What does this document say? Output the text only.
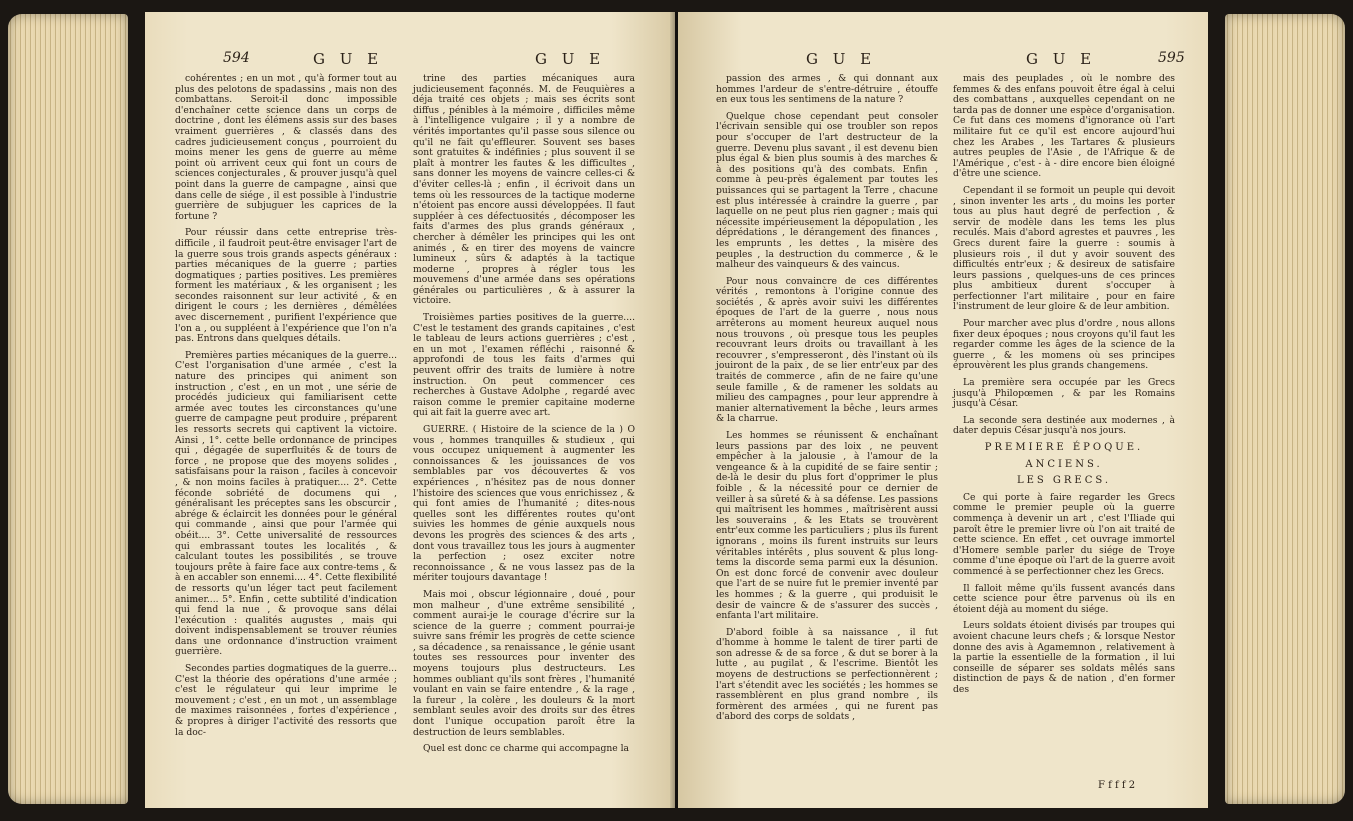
594	G U E	G U E

cohérentes ; en un mot , qu'à former tout au plus des pelotons de spadassins , mais non des combattans. Seroit-il donc impossible d'enchaîner cette science dans un corps de doctrine , dont les élémens assis sur des bases vraiment guerrières , & classés dans des cadres judicieusement conçus , pourroient du moins mener les gens de guerre au même point où arrivent ceux qui font un cours de sciences conjecturales , & prouver jusqu'à quel point dans la guerre de campagne , ainsi que dans celle de siége , il est possible à l'industrie guerrière de subjuguer les caprices de la fortune ?

Pour réussir dans cette entreprise très-difficile , il faudroit peut-être envisager l'art de la guerre sous trois grands aspects généraux : parties mécaniques de la guerre ; parties dogmatiques ; parties positives. Les premières forment les matériaux , & les organisent ; les secondes raisonnent sur leur activité , & en dirigent le cours ; les dernières , démêlées avec discernement , purifient l'expérience que l'on a , ou suppléent à l'expérience que l'on n'a pas. Entrons dans quelques détails.

Premières parties mécaniques de la guerre... C'est l'organisation d'une armée , c'est la nature des principes qui animent son instruction , c'est , en un mot , une série de procédés judicieux qui familiarisent cette armée avec toutes les circonstances qu'une guerre de campagne peut produire , préparent les ressorts secrets qui captivent la victoire. Ainsi , 1°. cette belle ordonnance de principes qui , dégagée de superfluités & de tours de force , ne propose que des moyens solides , satisfaisans pour la raison , faciles à concevoir , & non moins faciles à pratiquer.... 2°. Cette féconde sobriété de documens qui , généralisant les préceptes sans les obscurcir , abrége & éclaircit les données pour le général qui commande , ainsi que pour l'armée qui obéit.... 3°. Cette universalité de ressources qui embrassant toutes les localités , & calculant toutes les possibilités , se trouve toujours prête à faire face aux contre-tems , & à en accabler son ennemi.... 4°. Cette flexibilité de ressorts qu'un léger tact peut facilement animer.... 5°. Enfin , cette subtilité d'indication qui fend la nue , & provoque sans délai l'exécution : qualités augustes , mais qui doivent indispensablement se trouver réunies dans une ordonnance d'instruction vraiment guerrière.

Secondes parties dogmatiques de la guerre... C'est la théorie des opérations d'une armée ; c'est le régulateur qui leur imprime le mouvement ; c'est , en un mot , un assemblage de maximes raisonnées , fortes d'expérience , & propres à diriger l'activité des ressorts que la doc-

trine des parties mécaniques aura judicieusement façonnés. M. de Feuquières a déja traité ces objets ; mais ses écrits sont diffus , pénibles à la mémoire , difficiles même à l'intelligence vulgaire ; il y a nombre de vérités importantes qu'il passe sous silence ou qu'il ne fait qu'effleurer. Souvent ses bases sont gratuites & indéfinies ; plus souvent il se plaît à montrer les fautes & les difficultes , sans donner les moyens de vaincre celles-ci & d'éviter celles-là ; enfin , il écrivoit dans un tems où les ressources de la tactique moderne n'étoient pas encore aussi développées. Il faut suppléer à ces défectuosités , décomposer les faits d'armes des plus grands généraux , chercher à démêler les principes qui les ont animés , & en tirer des moyens de vaincre lumineux , sûrs & adaptés à la tactique moderne , propres à régler tous les mouvemens d'une armée dans ses opérations générales ou particulières , & à assurer la victoire.

Troisièmes parties positives de la guerre.... C'est le testament des grands capitaines , c'est le tableau de leurs actions guerrières ; c'est , en un mot , l'examen réfléchi , raisonné & approfondi de tous les faits d'armes qui peuvent offrir des traits de lumière à notre instruction. On peut commencer ces recherches à Gustave Adolphe , regardé avec raison comme le premier capitaine moderne qui ait fait la guerre avec art.

GUERRE. ( Histoire de la science de la ) O vous , hommes tranquilles & studieux , qui vous occupez uniquement à augmenter les connoissances & les jouissances de vos semblables par vos découvertes & vos expériences , n'hésitez pas de nous donner l'histoire des sciences que vous enrichissez , & qui font amies de l'humanité ; dites-nous quelles sont les différentes routes qu'ont suivies les hommes de génie auxquels nous devons les progrès des sciences & des arts , dont vous travaillez tous les jours à augmenter la perfection ; osez exciter notre reconnoissance , & ne vous lassez pas de la mériter toujours davantage !

Mais moi , obscur légionnaire , doué , pour mon malheur , d'une extrême sensibilité , comment aurai-je le courage d'écrire sur la science de la guerre ; comment pourrai-je suivre sans frémir les progrès de cette science , sa décadence , sa renaissance , le génie usant toutes ses ressources pour inventer des moyens toujours plus destructeurs. Les hommes oubliant qu'ils sont frères , l'humanité voulant en vain se faire entendre , & la rage , la fureur , la colère , les douleurs & la mort semblant seules avoir des droits sur des êtres dont l'unique occupation paroît être la destruction de leurs semblables.

Quel est donc ce charme qui accompagne la

G U E	G U E	595

passion des armes , & qui donnant aux hommes l'ardeur de s'entre-détruire , étouffe en eux tous les sentimens de la nature ?

Quelque chose cependant peut consoler l'écrivain sensible qui ose troubler son repos pour s'occuper de l'art destructeur de la guerre. Devenu plus savant , il est devenu bien plus égal & bien plus soumis à des marches & à des positions qu'à des combats. Enfin , comme à peu-près également par toutes les puissances qui se partagent la Terre , chacune est plus intéressée à craindre la guerre , par laquelle on ne peut plus rien gagner ; mais qui nécessite impérieusement la dépopulation , les déprédations , le dérangement des finances , les emprunts , les dettes , la misère des peuples , la destruction du commerce , & le malheur des vainqueurs & des vaincus.

Pour nous convaincre de ces différentes vérités , remontons à l'origine connue des sociétés , & après avoir suivi les différentes époques de l'art de la guerre , nous nous arrêterons au moment heureux auquel nous nous trouvons , où presque tous les peuples recouvrant leurs droits ou travaillant à les recouvrer , s'empresseront , dès l'instant où ils jouiront de la paix , de se lier entr'eux par des traités de commerce , afin de ne faire qu'une seule famille , & de ramener les soldats au milieu des campagnes , pour leur apprendre à manier alternativement la bêche , leurs armes & la charrue.

Les hommes se réunissent & enchaînant leurs passions par des loix , ne peuvent empêcher à la jalousie , à l'amour de la vengeance & à la cupidité de se faire sentir ; de-là le desir du plus fort d'opprimer le plus foible , & la nécessité pour ce dernier de veiller à sa sûreté & à sa défense. Les passions qui maîtrisent les hommes , maîtrisèrent aussi les souverains , & les Etats se trouvèrent entr'eux comme les particuliers ; plus ils furent ignorans , moins ils furent instruits sur leurs véritables intérêts , plus souvent & plus long-tems la discorde sema parmi eux la désunion. On est donc forcé de convenir avec douleur que l'art de se nuire fut le premier inventé par les hommes ; & la guerre , qui produisit le desir de vaincre & de s'assurer des succès , enfanta l'art militaire.

D'abord foible à sa naissance , il fut d'homme à homme le talent de tirer parti de son adresse & de sa force , & dut se borer à la lutte , au pugilat , & l'escrime. Bientôt les moyens de destructions se perfectionnèrent ; l'art s'étendit avec les sociétés ; les hommes se rassemblèrent en plus grand nombre , ils formèrent des armées , qui ne furent pas d'abord des corps de soldats ,

mais des peuplades , où le nombre des femmes & des enfans pouvoit être égal à celui des combattans , auxquelles cependant on ne tarda pas de donner une espèce d'organisation. Ce fut dans ces momens d'ignorance où l'art militaire fut ce qu'il est encore aujourd'hui chez les Arabes , les Tartares & plusieurs autres peuples de l'Asie , de l'Afrique & de l'Amérique , c'est - à - dire encore bien éloigné d'être une science.

Cependant il se formoit un peuple qui devoit , sinon inventer les arts , du moins les porter tous au plus haut degré de perfection , & servir de modèle dans les tems les plus reculés. Mais d'abord agrestes et pauvres , les Grecs durent faire la guerre : soumis à plusieurs rois , il dut y avoir souvent des difficultés entr'eux ; & desireux de satisfaire leurs passions , quelques-uns de ces princes plus ambitieux durent s'occuper à perfectionner l'art militaire , pour en faire l'instrument de leur gloire & de leur ambition.

Pour marcher avec plus d'ordre , nous allons fixer deux époques ; nous croyons qu'il faut les regarder comme les âges de la science de la guerre , & les momens où ses principes éprouvèrent les plus grands changemens.

La première sera occupée par les Grecs jusqu'à Philopœmen , & par les Romains jusqu'à César.

La seconde sera destinée aux modernes , à dater depuis César jusqu'à nos jours.

PREMIERE ÉPOQUE.

ANCIENS.

LES GRECS.

Ce qui porte à faire regarder les Grecs comme le premier peuple où la guerre commença à devenir un art , c'est l'Iliade qui paroît être le premier livre où l'on ait traité de cette science. En effet , cet ouvrage immortel d'Homere semble parler du siége de Troye comme d'une époque où l'art de la guerre avoit commencé à se perfectionner chez les Grecs.

Il falloit même qu'ils fussent avancés dans cette science pour être parvenus où ils en étoient déjà au moment du siége.

Leurs soldats étoient divisés par troupes qui avoient chacune leurs chefs ; & lorsque Nestor donne des avis à Agamemnon , relativement à la partie la essentielle de la formation , il lui conseille de séparer ses soldats mêlés sans distinction de pays & de nation , d'en former des

F f f f 2
